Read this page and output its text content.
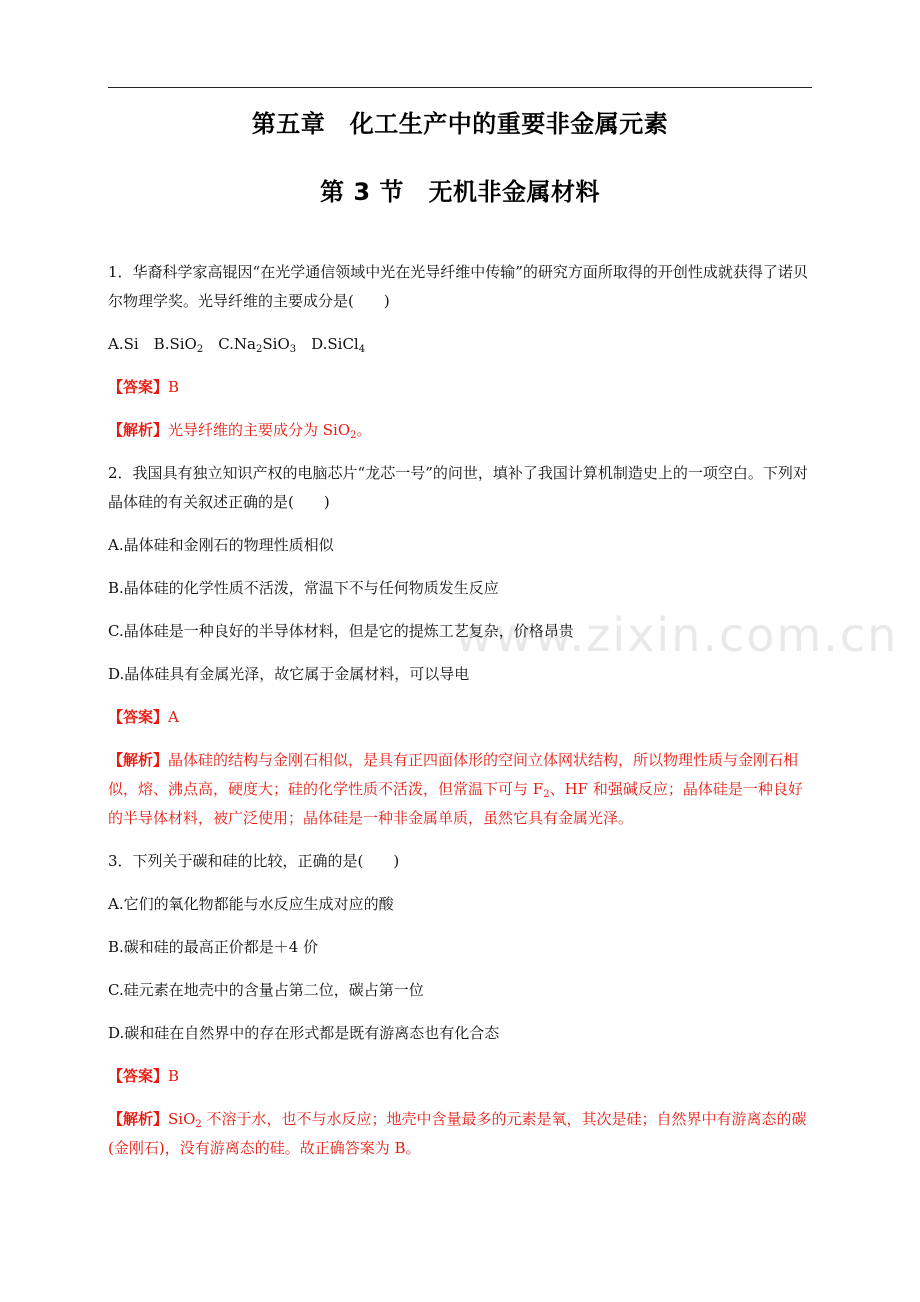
第五章　化工生产中的重要非金属元素
第 3 节　无机非金属材料
www.zixin.com.cn

1．华裔科学家高锟因“在光学通信领域中光在光导纤维中传输”的研究方面所取得的开创性成就获得了诺贝尔物理学奖。光导纤维的主要成分是(　　)

A.Si　B.SiO$_2$　$C.Na_2SiO_3$　D.SiCl$_4$

【答案】B

【解析】光导纤维的主要成分为 SiO$_2$。

2．我国具有独立知识产权的电脑芯片“龙芯一号”的问世，填补了我国计算机制造史上的一项空白。下列对晶体硅的有关叙述正确的是(　　)

A.晶体硅和金刚石的物理性质相似

B.晶体硅的化学性质不活泼，常温下不与任何物质发生反应

C.晶体硅是一种良好的半导体材料，但是它的提炼工艺复杂，价格昂贵

D.晶体硅具有金属光泽，故它属于金属材料，可以导电

【答案】A

【解析】晶体硅的结构与金刚石相似，是具有正四面体形的空间立体网状结构，所以物理性质与金刚石相似，熔、沸点高，硬度大；硅的化学性质不活泼，但常温下可与 $F_2$、HF 和强碱反应；晶体硅是一种良好的半导体材料，被广泛使用；晶体硅是一种非金属单质，虽然它具有金属光泽。

3．下列关于碳和硅的比较，正确的是(　　)

A.它们的氧化物都能与水反应生成对应的酸

B.碳和硅的最高正价都是＋4 价

C.硅元素在地壳中的含量占第二位，碳占第一位

D.碳和硅在自然界中的存在形式都是既有游离态也有化合态

【答案】B

【解析】SiO$_2$ 不溶于水，也不与水反应；地壳中含量最多的元素是氧，其次是硅；自然界中有游离态的碳(金刚石)，没有游离态的硅。故正确答案为 B。
